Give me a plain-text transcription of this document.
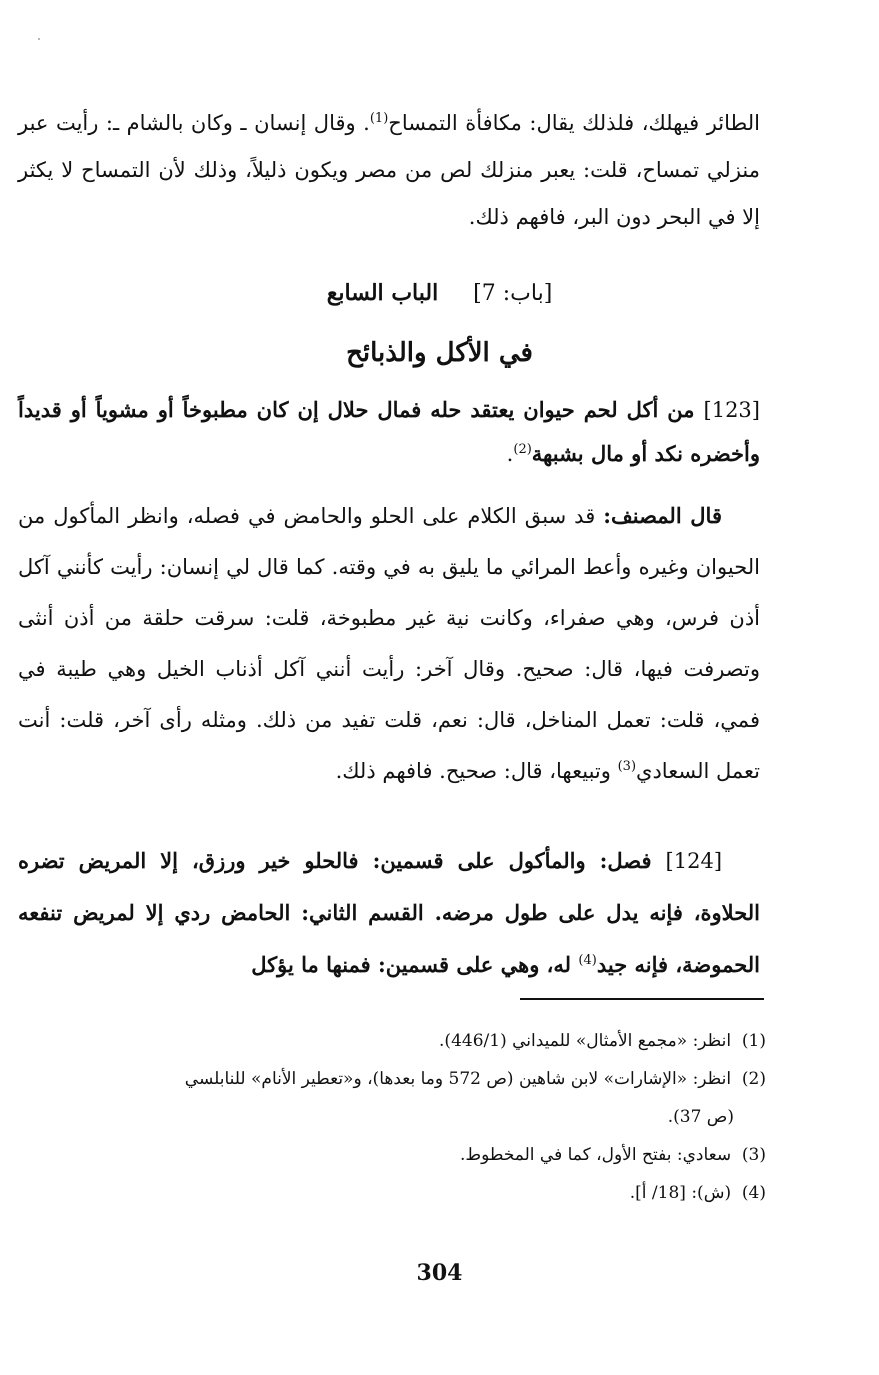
الطائر فيهلك، فلذلك يقال: مكافأة التمساح$^{(1)}$. وقال إنسان ـ وكان بالشام ـ: رأيت عبر منزلي تمساح، قلت: يعبر منزلك لص من مصر ويكون ذليلاً، وذلك لأن التمساح لا يكثر إلا في البحر دون البر، فافهم ذلك.

[باب: 7]     الباب السابع
في الأكل والذبائح

[123] من أكل لحم حيوان يعتقد حله فمال حلال إن كان مطبوخاً أو مشوياً أو قديداً وأخضره نكد أو مال بشبهة$^{(2)}$.

قال المصنف: قد سبق الكلام على الحلو والحامض في فصله، وانظر المأكول من الحيوان وغيره وأعط المرائي ما يليق به في وقته. كما قال لي إنسان: رأيت كأنني آكل أذن فرس، وهي صفراء، وكانت نية غير مطبوخة، قلت: سرقت حلقة من أذن أنثى وتصرفت فيها، قال: صحيح. وقال آخر: رأيت أنني آكل أذناب الخيل وهي طيبة في فمي، قلت: تعمل المناخل، قال: نعم، قلت تفيد من ذلك. ومثله رأى آخر، قلت: أنت تعمل السعادي$^{(3)}$ وتبيعها، قال: صحيح. فافهم ذلك.

[124] فصل: والمأكول على قسمين: فالحلو خير ورزق، إلا المريض تضره الحلاوة، فإنه يدل على طول مرضه. القسم الثاني: الحامض ردي إلا لمريض تنفعه الحموضة، فإنه جيد$^{(4)}$ له، وهي على قسمين: فمنها ما يؤكل

(1)  انظر: «مجمع الأمثال» للميداني (446/1).
(2)  انظر: «الإشارات» لابن شاهين (ص 572 وما بعدها)، و«تعطير الأنام» للنابلسي
(ص 37).
(3)  سعادي: بفتح الأول، كما في المخطوط.
(4)  (ش): [18/ أ].
304
